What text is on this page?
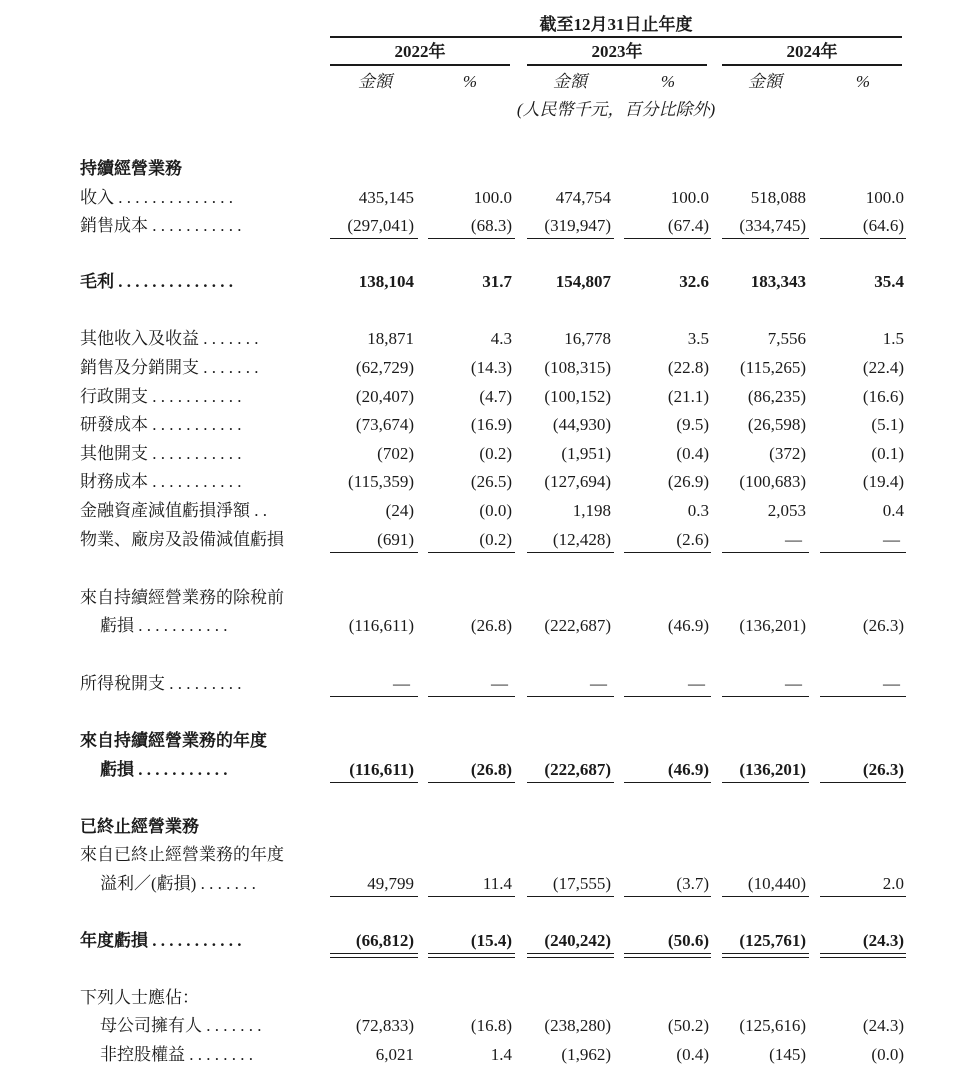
截至12月31日止年度
2022年	2023年	2024年
金額	%	金額	%	金額	%
(人民幣千元，百分比除外)
持續經營業務
收入 . . . . . . . . . . . . . .	435,145	100.0	474,754	100.0	518,088	100.0
銷售成本 . . . . . . . . . . .	(297,041)	(68.3)	(319,947)	(67.4)	(334,745)	(64.6)
毛利 . . . . . . . . . . . . . .	138,104	31.7	154,807	32.6	183,343	35.4
其他收入及收益 . . . . . . .	18,871	4.3	16,778	3.5	7,556	1.5
銷售及分銷開支 . . . . . . .	(62,729)	(14.3)	(108,315)	(22.8)	(115,265)	(22.4)
行政開支 . . . . . . . . . . .	(20,407)	(4.7)	(100,152)	(21.1)	(86,235)	(16.6)
研發成本 . . . . . . . . . . .	(73,674)	(16.9)	(44,930)	(9.5)	(26,598)	(5.1)
其他開支 . . . . . . . . . . .	(702)	(0.2)	(1,951)	(0.4)	(372)	(0.1)
財務成本 . . . . . . . . . . .	(115,359)	(26.5)	(127,694)	(26.9)	(100,683)	(19.4)
金融資產減值虧損淨額 . .	(24)	(0.0)	1,198	0.3	2,053	0.4
物業、廠房及設備減值虧損	(691)	(0.2)	(12,428)	(2.6)	—	—
來自持續經營業務的除稅前
虧損 . . . . . . . . . . .	(116,611)	(26.8)	(222,687)	(46.9)	(136,201)	(26.3)
所得稅開支 . . . . . . . . .	—	—	—	—	—	—
來自持續經營業務的年度
虧損 . . . . . . . . . . .	(116,611)	(26.8)	(222,687)	(46.9)	(136,201)	(26.3)
已終止經營業務
來自已終止經營業務的年度
溢利／(虧損) . . . . . . .	49,799	11.4	(17,555)	(3.7)	(10,440)	2.0
年度虧損 . . . . . . . . . . .	(66,812)	(15.4)	(240,242)	(50.6)	(125,761)	(24.3)
下列人士應佔：
母公司擁有人 . . . . . . .	(72,833)	(16.8)	(238,280)	(50.2)	(125,616)	(24.3)
非控股權益 . . . . . . . .	6,021	1.4	(1,962)	(0.4)	(145)	(0.0)
